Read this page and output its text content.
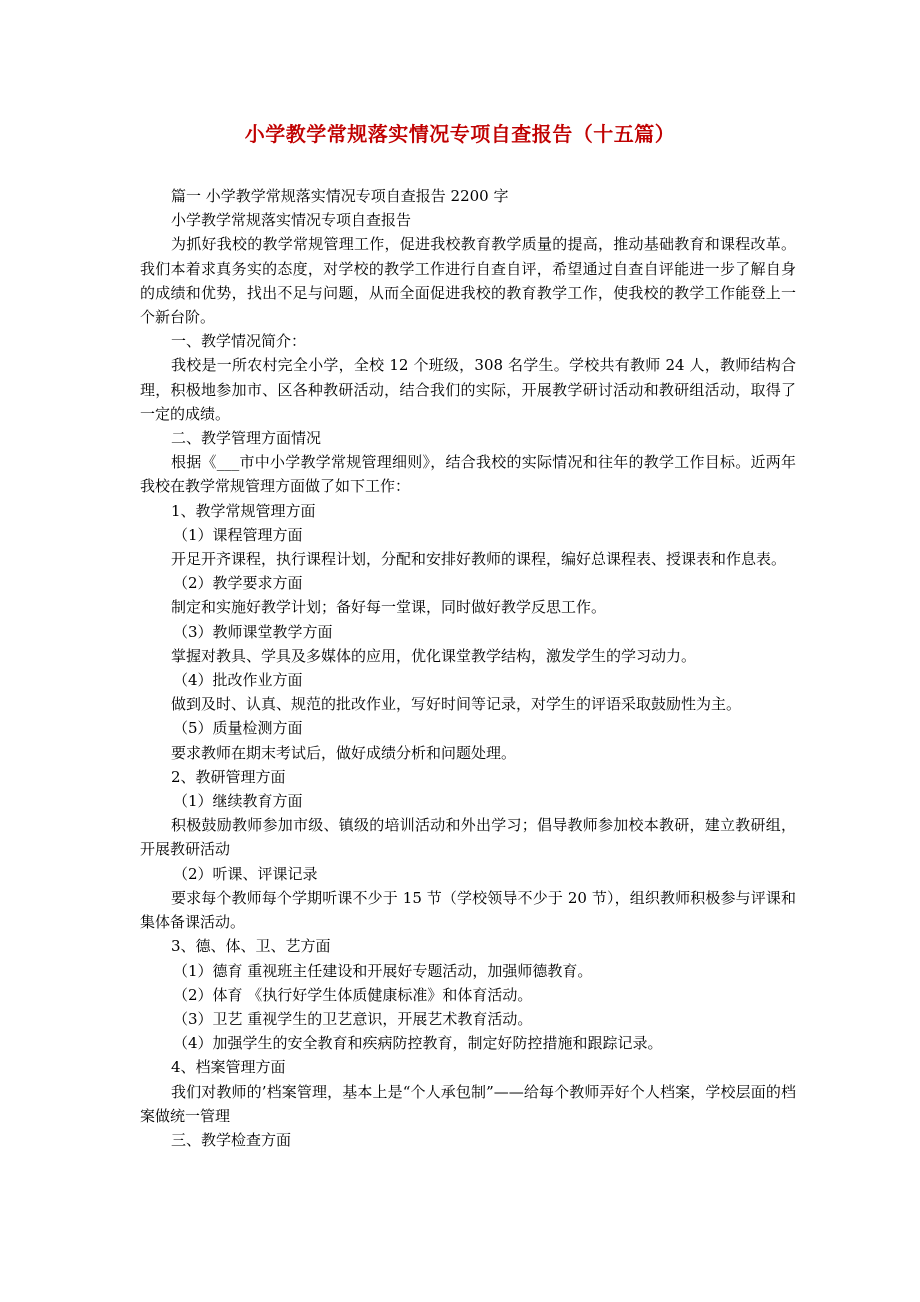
小学教学常规落实情况专项自查报告（十五篇）

篇一 小学教学常规落实情况专项自查报告 2200 字

小学教学常规落实情况专项自查报告

为抓好我校的教学常规管理工作，促进我校教育教学质量的提高，推动基础教育和课程改革。我们本着求真务实的态度，对学校的教学工作进行自查自评，希望通过自查自评能进一步了解自身的成绩和优势，找出不足与问题，从而全面促进我校的教育教学工作，使我校的教学工作能登上一个新台阶。

一、教学情况简介：

我校是一所农村完全小学，全校 12 个班级，308 名学生。学校共有教师 24 人，教师结构合理，积极地参加市、区各种教研活动，结合我们的实际，开展教学研讨活动和教研组活动，取得了一定的成绩。

二、教学管理方面情况

根据《___市中小学教学常规管理细则》，结合我校的实际情况和往年的教学工作目标。近两年我校在教学常规管理方面做了如下工作：

1、教学常规管理方面

（1）课程管理方面

开足开齐课程，执行课程计划，分配和安排好教师的课程，编好总课程表、授课表和作息表。

（2）教学要求方面

制定和实施好教学计划；备好每一堂课，同时做好教学反思工作。

（3）教师课堂教学方面

掌握对教具、学具及多媒体的应用，优化课堂教学结构，激发学生的学习动力。

（4）批改作业方面

做到及时、认真、规范的批改作业，写好时间等记录，对学生的评语采取鼓励性为主。

（5）质量检测方面

要求教师在期末考试后，做好成绩分析和问题处理。

2、教研管理方面

（1）继续教育方面

积极鼓励教师参加市级、镇级的培训活动和外出学习；倡导教师参加校本教研，建立教研组，开展教研活动

（2）听课、评课记录

要求每个教师每个学期听课不少于 15 节（学校领导不少于 20 节），组织教师积极参与评课和集体备课活动。

3、德、体、卫、艺方面

（1）德育 重视班主任建设和开展好专题活动，加强师德教育。

（2）体育 《执行好学生体质健康标准》和体育活动。

（3）卫艺 重视学生的卫艺意识，开展艺术教育活动。

（4）加强学生的安全教育和疾病防控教育，制定好防控措施和跟踪记录。

4、档案管理方面

我们对教师的’档案管理，基本上是“个人承包制”——给每个教师弄好个人档案，学校层面的档案做统一管理

三、教学检查方面
